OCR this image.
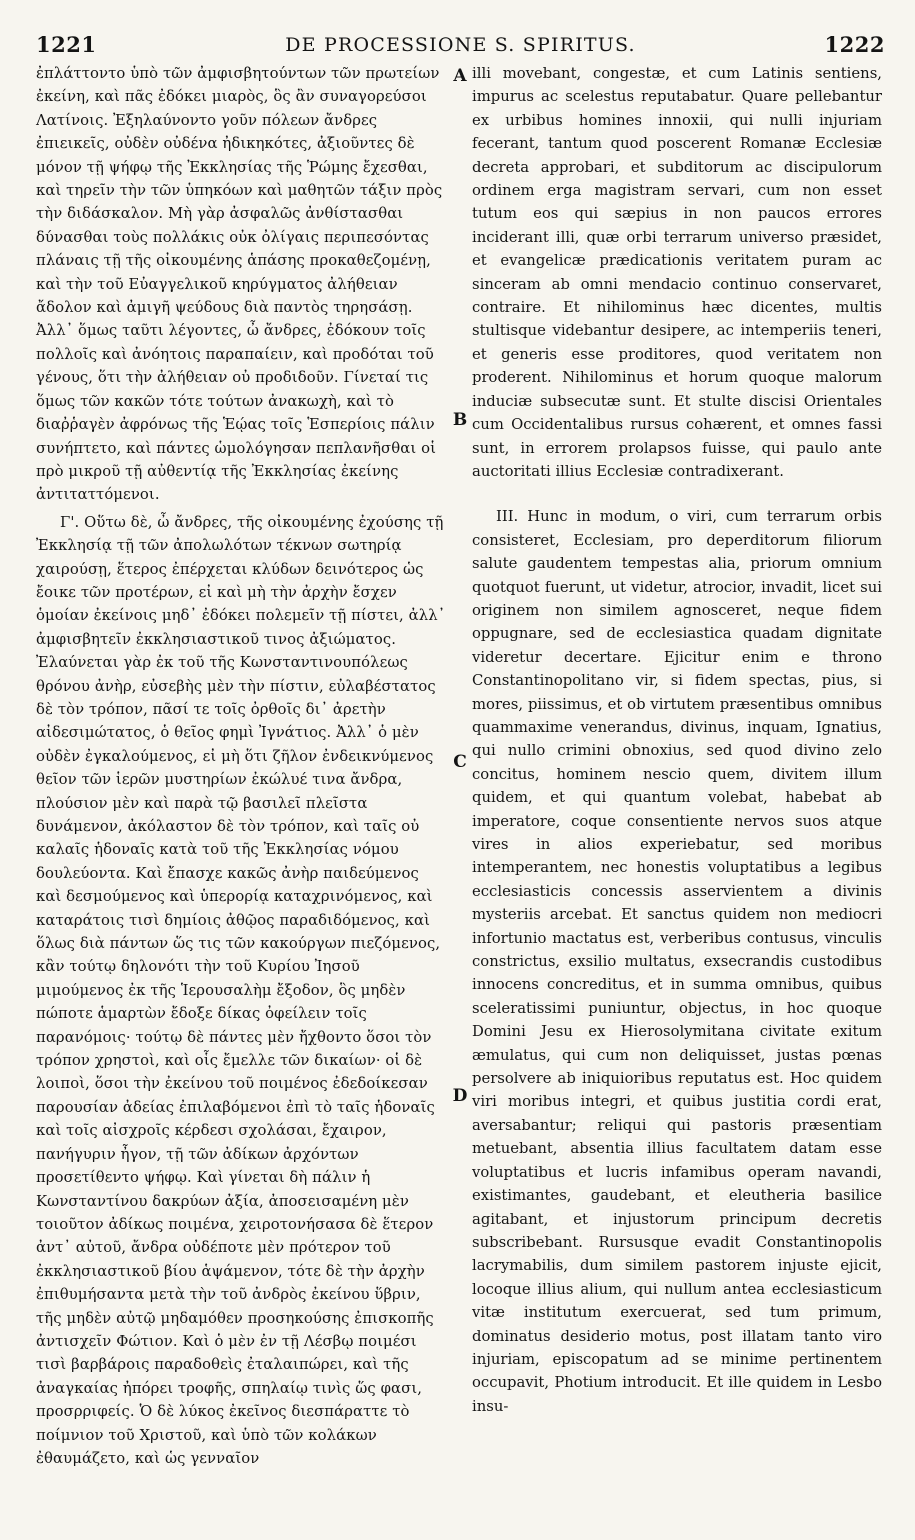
1221	DE PROCESSIONE S. SPIRITUS.	1222

ἐπλάττοντο ὑπὸ τῶν ἀμφισβητούντων τῶν πρωτείων ἐκείνη, καὶ πᾶς ἐδόκει μιαρὸς, ὃς ἂν συναγορεύσοι Λατίνοις. Ἐξηλαύνοντο γοῦν πόλεων ἄνδρες ἐπιεικεῖς, οὐδὲν οὐδένα ἠδικηκότες, ἀξιοῦντες δὲ μόνον τῇ ψήφῳ τῆς Ἐκκλησίας τῆς Ῥώμης ἔχεσθαι, καὶ τηρεῖν τὴν τῶν ὑπηκόων καὶ μαθητῶν τάξιν πρὸς τὴν διδάσκαλον. Μὴ γὰρ ἀσφαλῶς ἀνθίστασθαι δύνασθαι τοὺς πολλάκις οὐκ ὀλίγαις περιπεσόντας πλάναις τῇ τῆς οἰκουμένης ἁπάσης προκαθεζομένῃ, καὶ τὴν τοῦ Εὐαγγελικοῦ κηρύγματος ἀλήθειαν ἄδολον καὶ ἀμιγῆ ψεύδους διὰ παντὸς τηρησάσῃ. Ἀλλ᾽ ὅμως ταῦτι λέγοντες, ὦ ἄνδρες, ἐδόκουν τοῖς πολλοῖς καὶ ἀνόητοις παραπαίειν, καὶ προδόται τοῦ γένους, ὅτι τὴν ἀλήθειαν οὐ προδιδοῦν. Γίνεταί τις ὅμως τῶν κακῶν τότε τούτων ἀνακωχὴ, καὶ τὸ διαῤῥαγὲν ἀφρόνως τῆς Ἑῴας τοῖς Ἑσπερίοις πάλιν συνήπτετο, καὶ πάντες ὡμολόγησαν πεπλανῆσθαι οἱ πρὸ μικροῦ τῇ αὐθεντίᾳ τῆς Ἐκκλησίας ἐκείνης ἀντιταττόμενοι.

Γ'. Οὕτω δὲ, ὦ ἄνδρες, τῆς οἰκουμένης ἐχούσης τῇ Ἐκκλησίᾳ τῇ τῶν ἀπολωλότων τέκνων σωτηρίᾳ χαιρούσῃ, ἕτερος ἐπέρχεται κλύδων δεινότερος ὡς ἔοικε τῶν προτέρων, εἰ καὶ μὴ τὴν ἀρχὴν ἔσχεν ὁμοίαν ἐκείνοις μηδ᾽ ἐδόκει πολεμεῖν τῇ πίστει, ἀλλ᾽ ἀμφισβητεῖν ἐκκλησιαστικοῦ τινος ἀξιώματος. Ἐλαύνεται γὰρ ἐκ τοῦ τῆς Κωνσταντινουπόλεως θρόνου ἀνὴρ, εὐσεβὴς μὲν τὴν πίστιν, εὐλαβέστατος δὲ τὸν τρόπον, πᾶσί τε τοῖς ὀρθοῖς δι᾽ ἀρετὴν αἰδεσιμώτατος, ὁ θεῖος φημὶ Ἰγνάτιος. Ἀλλ᾽ ὁ μὲν οὐδὲν ἐγκαλούμενος, εἰ μὴ ὅτι ζῆλον ἐνδεικνύμενος θεῖον τῶν ἱερῶν μυστηρίων ἐκώλυέ τινα ἄνδρα, πλούσιον μὲν καὶ παρὰ τῷ βασιλεῖ πλεῖστα δυνάμενον, ἀκόλαστον δὲ τὸν τρόπον, καὶ ταῖς οὐ καλαῖς ἡδοναῖς κατὰ τοῦ τῆς Ἐκκλησίας νόμου δουλεύοντα. Καὶ ἔπασχε κακῶς ἀνὴρ παιδεύμενος καὶ δεσμούμενος καὶ ὑπερορίᾳ καταχρινόμενος, καὶ καταράτοις τισὶ δημίοις ἀθῷος παραδιδόμενος, καὶ ὅλως διὰ πάντων ὥς τις τῶν κακούργων πιεζόμενος, κἂν τούτῳ δηλονότι τὴν τοῦ Κυρίου Ἰησοῦ μιμούμενος ἐκ τῆς Ἱερουσαλὴμ ἔξοδον, ὃς μηδὲν πώποτε ἁμαρτὼν ἔδοξε δίκας ὀφείλειν τοῖς παρανόμοις· τούτῳ δὲ πάντες μὲν ἤχθοντο ὅσοι τὸν τρόπον χρηστοὶ, καὶ οἷς ἔμελλε τῶν δικαίων· οἱ δὲ λοιποὶ, ὅσοι τὴν ἐκείνου τοῦ ποιμένος ἐδεδοίκεσαν παρουσίαν ἀδείας ἐπιλαβόμενοι ἐπὶ τὸ ταῖς ἡδοναῖς καὶ τοῖς αἰσχροῖς κέρδεσι σχολάσαι, ἔχαιρον, πανήγυριν ἦγον, τῇ τῶν ἀδίκων ἀρχόντων προσετίθεντο ψήφῳ. Καὶ γίνεται δὴ πάλιν ἡ Κωνσταντίνου δακρύων ἀξία, ἀποσεισαμένη μὲν τοιοῦτον ἀδίκως ποιμένα, χειροτονήσασα δὲ ἕτερον ἀντ᾽ αὐτοῦ, ἄνδρα οὐδέποτε μὲν πρότερον τοῦ ἐκκλησιαστικοῦ βίου ἁψάμενον, τότε δὲ τὴν ἀρχὴν ἐπιθυμήσαντα μετὰ τὴν τοῦ ἀνδρὸς ἐκείνου ὕβριν, τῆς μηδὲν αὐτῷ μηδαμόθεν προσηκούσης ἐπισκοπῆς ἀντισχεῖν Φώτιον. Καὶ ὁ μὲν ἐν τῇ Λέσβῳ ποιμέσι τισὶ βαρβάροις παραδοθεὶς ἐταλαιπώρει, καὶ τῆς ἀναγκαίας ἠπόρει τροφῆς, σπηλαίῳ τινὶς ὥς φασι, προσρριφείς. Ὁ δὲ λύκος ἐκεῖνος διεσπάραττε τὸ ποίμνιον τοῦ Χριστοῦ, καὶ ὑπὸ τῶν κολάκων ἐθαυμάζετο, καὶ ὡς γενναῖον

A
B
C
D

illi movebant, congestæ, et cum Latinis sentiens, impurus ac scelestus reputabatur. Quare pellebantur ex urbibus homines innoxii, qui nulli injuriam fecerant, tantum quod poscerent Romanæ Ecclesiæ decreta approbari, et subditorum ac discipulorum ordinem erga magistram servari, cum non esset tutum eos qui sæpius in non paucos errores inciderant illi, quæ orbi terrarum universo præsidet, et evangelicæ prædicationis veritatem puram ac sinceram ab omni mendacio continuo conservaret, contraire. Et nihilominus hæc dicentes, multis stultisque videbantur desipere, ac intemperiis teneri, et generis esse proditores, quod veritatem non proderent. Nihilominus et horum quoque malorum induciæ subsecutæ sunt. Et stulte discisi Orientales cum Occidentalibus rursus cohærent, et omnes fassi sunt, in errorem prolapsos fuisse, qui paulo ante auctoritati illius Ecclesiæ contradixerant.

III. Hunc in modum, o viri, cum terrarum orbis consisteret, Ecclesiam, pro deperditorum filiorum salute gaudentem tempestas alia, priorum omnium quotquot fuerunt, ut videtur, atrocior, invadit, licet sui originem non similem agnosceret, neque fidem oppugnare, sed de ecclesiastica quadam dignitate videretur decertare. Ejicitur enim e throno Constantinopolitano vir, si fidem spectas, pius, si mores, piissimus, et ob virtutem præsentibus omnibus quammaxime venerandus, divinus, inquam, Ignatius, qui nullo crimini obnoxius, sed quod divino zelo concitus, hominem nescio quem, divitem illum quidem, et qui quantum volebat, habebat ab imperatore, coque consentiente nervos suos atque vires in alios experiebatur, sed moribus intemperantem, nec honestis voluptatibus a legibus ecclesiasticis concessis asservientem a divinis mysteriis arcebat. Et sanctus quidem non mediocri infortunio mactatus est, verberibus contusus, vinculis constrictus, exsilio multatus, exsecrandis custodibus innocens concreditus, et in summa omnibus, quibus sceleratissimi puniuntur, objectus, in hoc quoque Domini Jesu ex Hierosolymitana civitate exitum æmulatus, qui cum non deliquisset, justas pœnas persolvere ab iniquioribus reputatus est. Hoc quidem viri moribus integri, et quibus justitia cordi erat, aversabantur; reliqui qui pastoris præsentiam metuebant, absentia illius facultatem datam esse voluptatibus et lucris infamibus operam navandi, existimantes, gaudebant, et eleutheria basilice agitabant, et injustorum principum decretis subscribebant. Rursusque evadit Constantinopolis lacrymabilis, dum similem pastorem injuste ejicit, locoque illius alium, qui nullum antea ecclesiasticum vitæ institutum exercuerat, sed tum primum, dominatus desiderio motus, post illatam tanto viro injuriam, episcopatum ad se minime pertinentem occupavit, Photium introducit. Et ille quidem in Lesbo insu-
